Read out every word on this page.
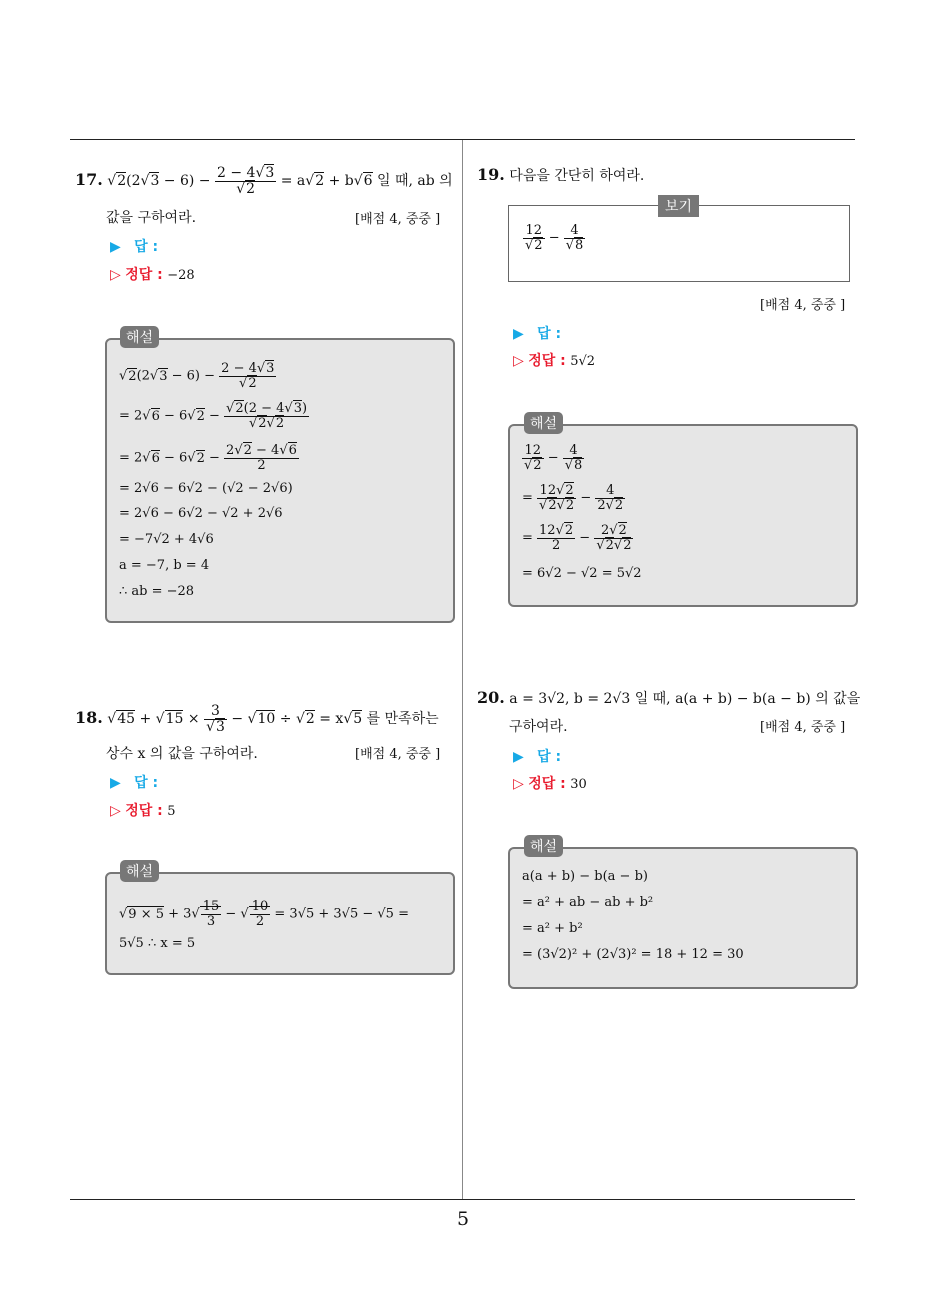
5
17. $√2(2√3 - 6) - \frac{2 - 4√3}{√2} = a√2 + b√6$ 일 때, ab 의
값을 구하여라.	[배점 4, 중중 ]
▶ 답 :
▷ 정답 : −28
$√2(2√3 - 6) - \frac{2 - 4√3}{√2}$
= $2√6 - 6√2 - \frac{√2(2 - 4√3)}{√2√2}$
= $2√6 - 6√2 - \frac{2√2 - 4√6}{2}$
= 2√6 − 6√2 − (√2 − 2√6)
= 2√6 − 6√2 − √2 + 2√6
= −7√2 + 4√6
a = −7, b = 4
∴ ab = −28
해설
18. $√45 + √15 \times \frac{3}{√3} - √10 \div √2 = x√5$ 를 만족하는
상수 x 의 값을 구하여라.	[배점 4, 중중 ]
▶ 답 :
▷ 정답 : 5
$√9 \times 5 + 3√ \frac{15}{3}$ − √ $\frac{10}{2} = 3√5 + 3√5 - √5$ =
5√5 ∴ x = 5
해설
19. 다음을 간단히 하여라.
$\frac{12}{√2} - \frac{4}{√8}$
보기
[배점 4, 중중 ]
▶ 답 :
▷ 정답 : 5√2
$\frac{12}{√2} - \frac{4}{√8}$
= $\frac{12√2}{√2√2} - \frac{4}{2√2}$
= $\frac{12√2}{2} - \frac{2√2}{√2√2}$
= 6√2 − √2 = 5√2
해설
20. a = 3√2, b = 2√3 일 때, a(a + b) − b(a − b) 의 값을
구하여라.	[배점 4, 중중 ]
▶ 답 :
▷ 정답 : 30
a(a + b) − b(a − b)
= a² + ab − ab + b²
= a² + b²
= (3√2)² + (2√3)² = 18 + 12 = 30
해설
